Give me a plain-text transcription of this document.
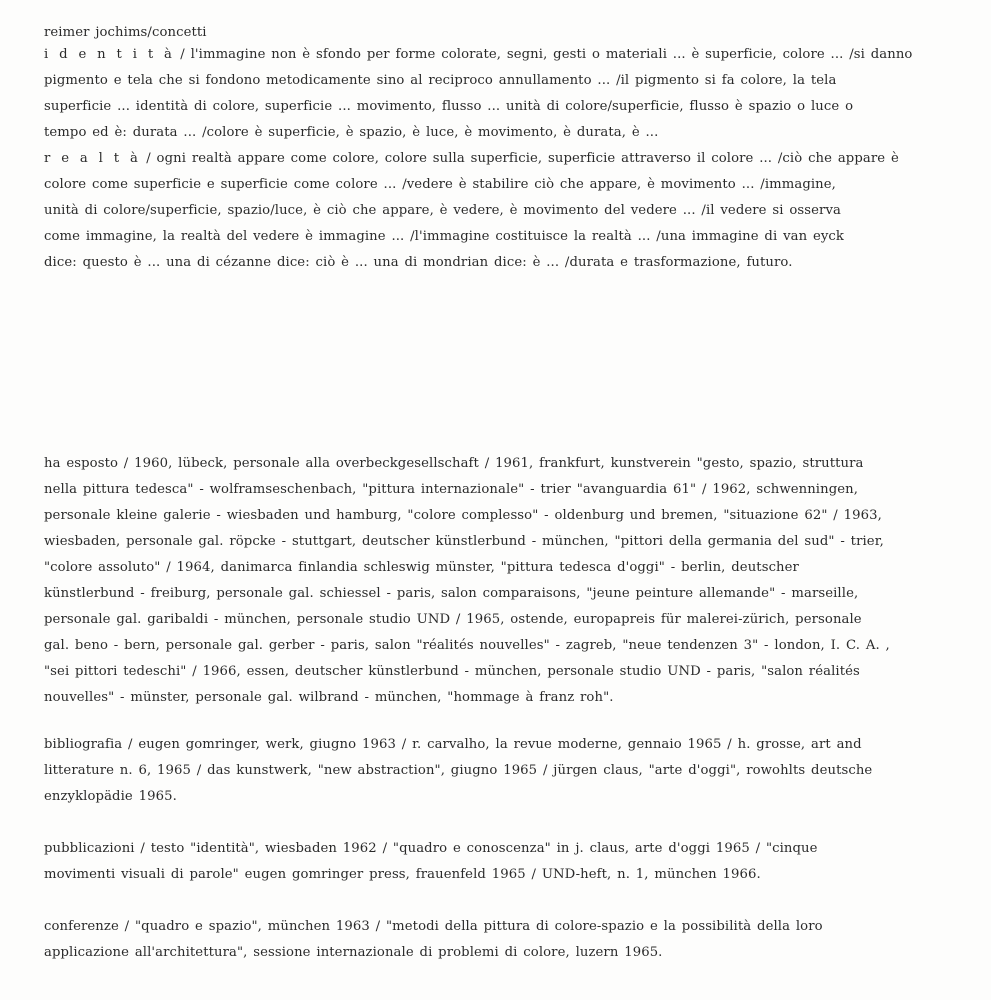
reimer jochims/concetti
i d e n t i t à / l'immagine non è sfondo per forme colorate, segni, gesti o materiali ... è superficie, colore ... /si danno
pigmento e tela che si fondono metodicamente sino al reciproco annullamento ... /il pigmento si fa colore, la tela
superficie ... identità di colore, superficie ... movimento, flusso ... unità di colore/superficie, flusso è spazio o luce o
tempo ed è: durata ... /colore è superficie, è spazio, è luce, è movimento, è durata, è ...
r e a l t à / ogni realtà appare come colore, colore sulla superficie, superficie attraverso il colore ... /ciò che appare è
colore come superficie e superficie come colore ... /vedere è stabilire ciò che appare, è movimento ... /immagine,
unità di colore/superficie, spazio/luce, è ciò che appare, è vedere, è movimento del vedere ... /il vedere si osserva
come immagine, la realtà del vedere è immagine ... /l'immagine costituisce la realtà ... /una immagine di van eyck
dice: questo è ... una di cézanne dice: ciò è ... una di mondrian dice: è ... /durata e trasformazione, futuro.
ha esposto / 1960, lübeck, personale alla overbeckgesellschaft / 1961, frankfurt, kunstverein "gesto, spazio, struttura
nella pittura tedesca" - wolframseschenbach, "pittura internazionale" - trier "avanguardia 61" / 1962, schwenningen,
personale kleine galerie - wiesbaden und hamburg, "colore complesso" - oldenburg und bremen, "situazione 62" / 1963,
wiesbaden, personale gal. röpcke - stuttgart, deutscher künstlerbund - münchen, "pittori della germania del sud" - trier,
"colore assoluto" / 1964, danimarca finlandia schleswig münster, "pittura tedesca d'oggi" - berlin, deutscher
künstlerbund - freiburg, personale gal. schiessel - paris, salon comparaisons, "jeune peinture allemande" - marseille,
personale gal. garibaldi - münchen, personale studio UND / 1965, ostende, europapreis für malerei-zürich, personale
gal. beno - bern, personale gal. gerber - paris, salon "réalités nouvelles" - zagreb, "neue tendenzen 3" - london, I. C. A. ,
"sei pittori tedeschi" / 1966, essen, deutscher künstlerbund - münchen, personale studio UND - paris, "salon réalités
nouvelles" - münster, personale gal. wilbrand - münchen, "hommage à franz roh".
bibliografia / eugen gomringer, werk, giugno 1963 / r. carvalho, la revue moderne, gennaio 1965 / h. grosse, art and
litterature n. 6, 1965 / das kunstwerk, "new abstraction", giugno 1965 / jürgen claus, "arte d'oggi", rowohlts deutsche
enzyklopädie 1965.
pubblicazioni / testo "identità", wiesbaden 1962 / "quadro e conoscenza" in j. claus, arte d'oggi 1965 / "cinque
movimenti visuali di parole" eugen gomringer press, frauenfeld 1965 / UND-heft, n. 1, münchen 1966.
conferenze / "quadro e spazio", münchen 1963 / "metodi della pittura di colore-spazio e la possibilità della loro
applicazione all'architettura", sessione internazionale di problemi di colore, luzern 1965.
